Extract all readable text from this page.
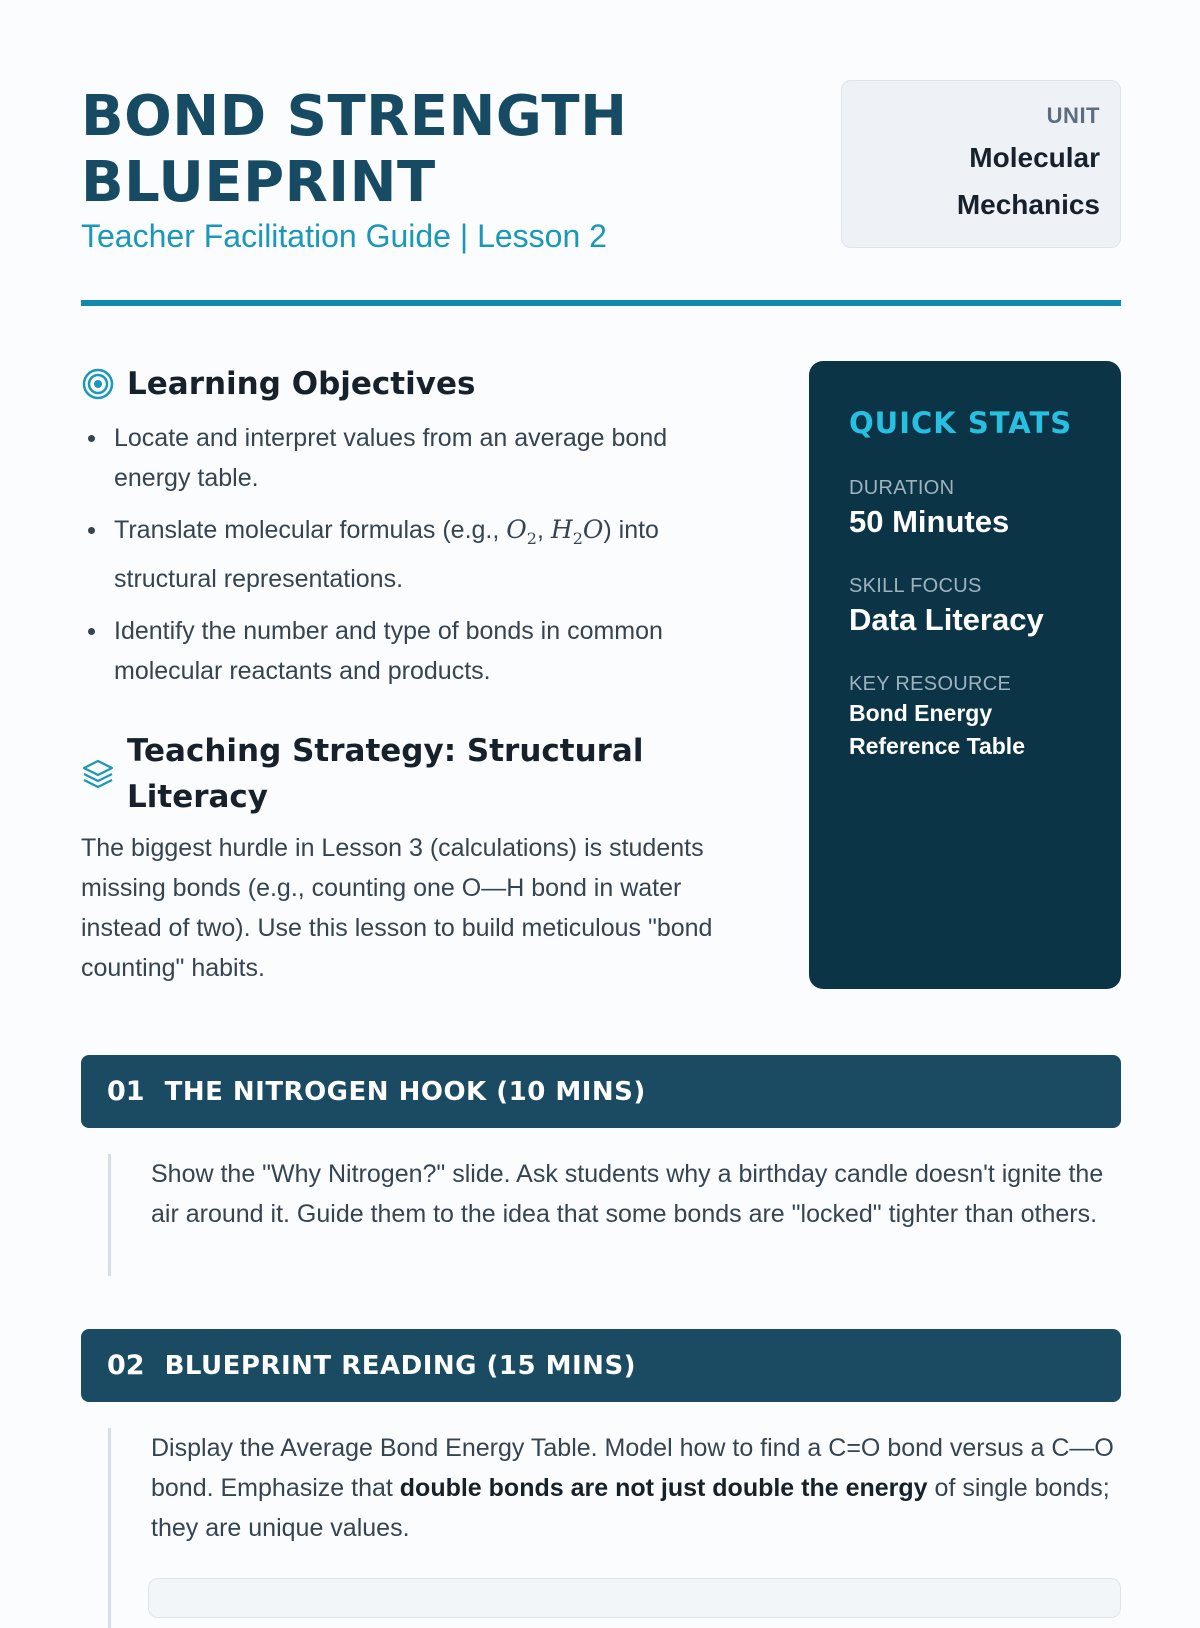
BOND STRENGTH BLUEPRINT
Teacher Facilitation Guide | Lesson 2
UNIT
Molecular
Mechanics
Learning Objectives
Locate and interpret values from an average bond energy table.
Translate molecular formulas (e.g., $O_2$, $H_2O$) into structural representations.
Identify the number and type of bonds in common molecular reactants and products.
Teaching Strategy: Structural Literacy

The biggest hurdle in Lesson 3 (calculations) is students missing bonds (e.g., counting one O—H bond in water instead of two). Use this lesson to build meticulous "bond counting" habits.

QUICK STATS
DURATION
50 Minutes
SKILL FOCUS
Data Literacy
KEY RESOURCE
Bond Energy Reference Table
01 THE NITROGEN HOOK (10 MINS)

Show the "Why Nitrogen?" slide. Ask students why a birthday candle doesn't ignite the air around it. Guide them to the idea that some bonds are "locked" tighter than others.

02 BLUEPRINT READING (15 MINS)

Display the Average Bond Energy Table. Model how to find a C=O bond versus a C—O bond. Emphasize that double bonds are not just double the energy of single bonds; they are unique values.
